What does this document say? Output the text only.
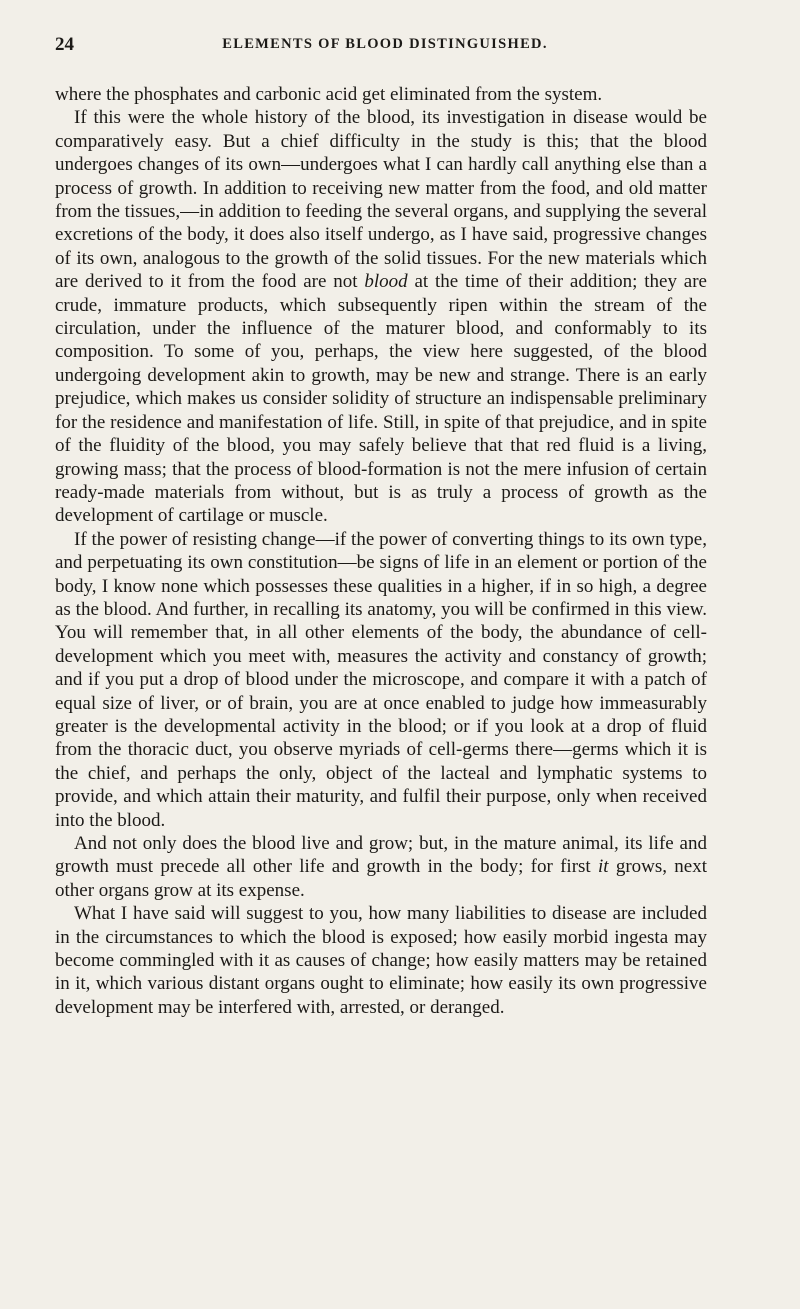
24	ELEMENTS OF BLOOD DISTINGUISHED.

where the phosphates and carbonic acid get eliminated from the system.

If this were the whole history of the blood, its investigation in disease would be comparatively easy. But a chief difficulty in the study is this; that the blood undergoes changes of its own—undergoes what I can hardly call anything else than a process of growth. In addition to receiving new matter from the food, and old matter from the tissues,—in addition to feeding the several organs, and supplying the several excretions of the body, it does also itself undergo, as I have said, progressive changes of its own, analogous to the growth of the solid tissues. For the new materials which are derived to it from the food are not blood at the time of their addition; they are crude, immature products, which subsequently ripen within the stream of the circulation, under the influence of the maturer blood, and conformably to its composition. To some of you, perhaps, the view here suggested, of the blood undergoing development akin to growth, may be new and strange. There is an early prejudice, which makes us consider solidity of structure an indispensable preliminary for the residence and manifestation of life. Still, in spite of that prejudice, and in spite of the fluidity of the blood, you may safely believe that that red fluid is a living, growing mass; that the process of blood-formation is not the mere infusion of certain ready-made materials from without, but is as truly a process of growth as the development of cartilage or muscle.

If the power of resisting change—if the power of converting things to its own type, and perpetuating its own constitution—be signs of life in an element or portion of the body, I know none which possesses these qualities in a higher, if in so high, a degree as the blood. And further, in recalling its anatomy, you will be confirmed in this view. You will remember that, in all other elements of the body, the abundance of cell-development which you meet with, measures the activity and constancy of growth; and if you put a drop of blood under the microscope, and compare it with a patch of equal size of liver, or of brain, you are at once enabled to judge how immeasurably greater is the developmental activity in the blood; or if you look at a drop of fluid from the thoracic duct, you observe myriads of cell-germs there—germs which it is the chief, and perhaps the only, object of the lacteal and lymphatic systems to provide, and which attain their maturity, and fulfil their purpose, only when received into the blood.

And not only does the blood live and grow; but, in the mature animal, its life and growth must precede all other life and growth in the body; for first it grows, next other organs grow at its expense.

What I have said will suggest to you, how many liabilities to disease are included in the circumstances to which the blood is exposed; how easily morbid ingesta may become commingled with it as causes of change; how easily matters may be retained in it, which various distant organs ought to eliminate; how easily its own progressive development may be interfered with, arrested, or deranged.
